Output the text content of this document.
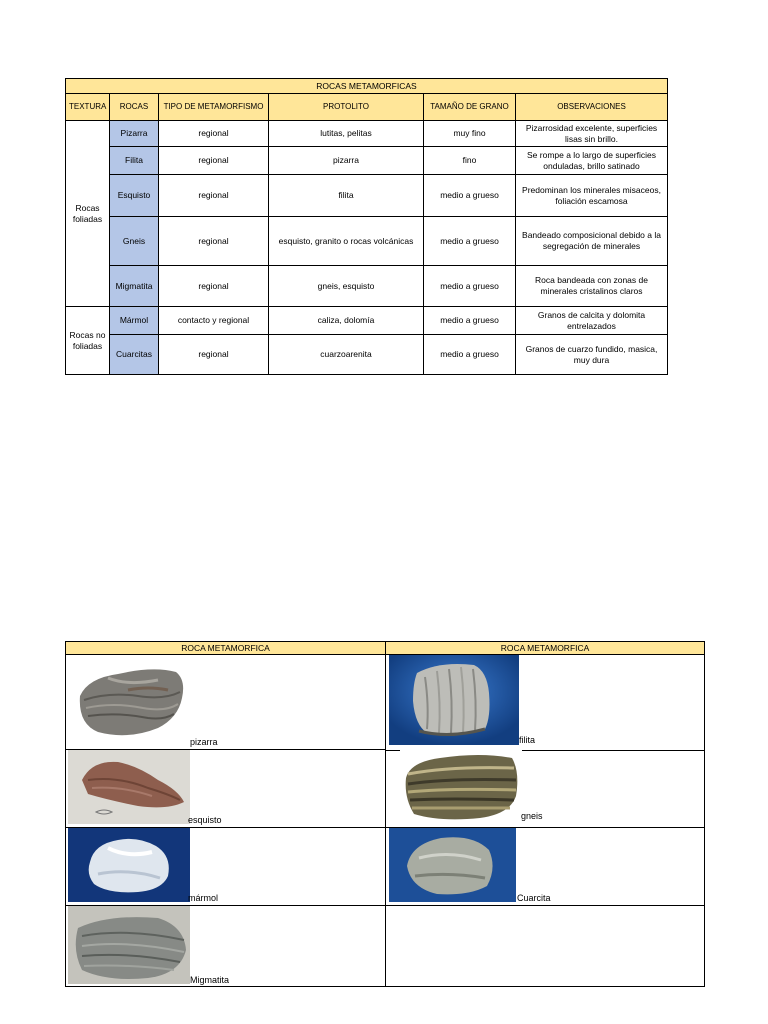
ROCAS METAMORFICAS					
TEXTURA	ROCAS	TIPO DE METAMORFISMO	PROTOLITO	TAMAÑO DE GRANO	OBSERVACIONES
Rocas foliadas	Pizarra	regional	lutitas, pelitas	muy fino	Pizarrosidad excelente, superficies lisas sin brillo.
	Filita	regional	pizarra	fino	Se rompe a lo largo de superficies onduladas, brillo satinado
	Esquisto	regional	filita	medio a grueso	Predominan los minerales misaceos, foliación escamosa
	Gneis	regional	esquisto, granito o rocas volcánicas	medio a grueso	Bandeado composicional debido a la segregación de minerales
	Migmatita	regional	gneis, esquisto	medio a grueso	Roca bandeada con zonas de minerales cristalinos claros
Rocas no foliadas	Mármol	contacto y regional	caliza, dolomía	medio a grueso	Granos de calcita y dolomita entrelazados
	Cuarcitas	regional	cuarzoarenita	medio a grueso	Granos de cuarzo fundido, masica, muy dura
ROCA METAMORFICA	ROCA METAMORFICA
pizarra	filita
esquisto	gneis
mármol	Cuarcita
Migmatita
